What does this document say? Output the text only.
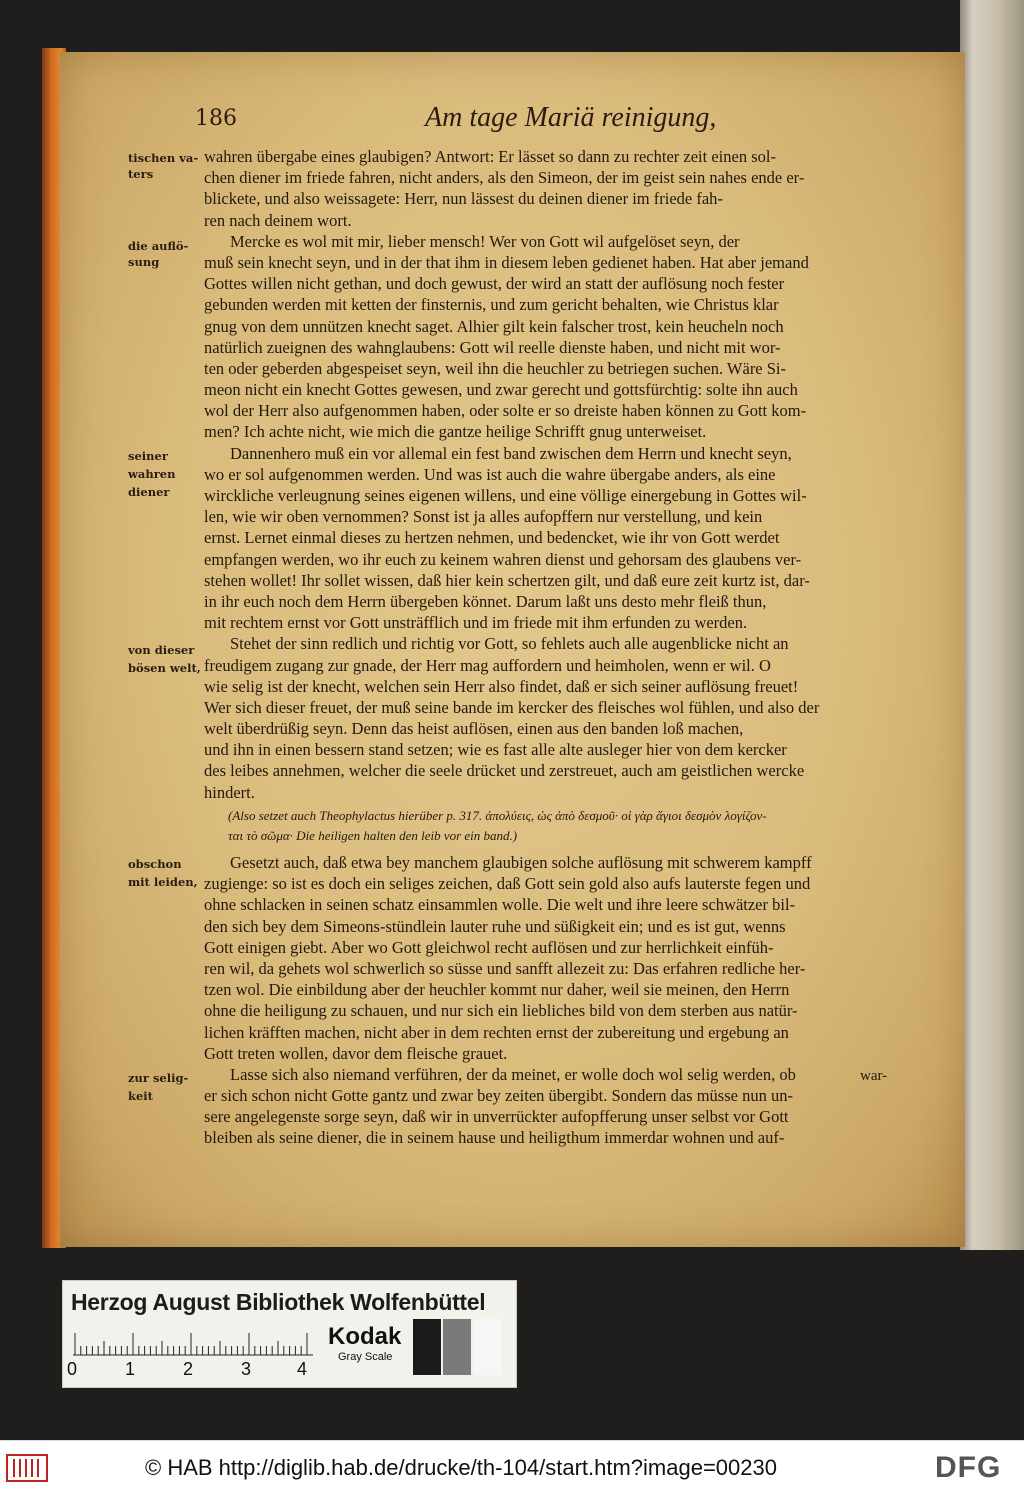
186	Am tage Mariä reinigung,
tischen va-
ters
die auflö-
sung
seiner
wahren
diener
von dieser
bösen welt,
obschon
mit leiden,
zur selig-
keit
wahren übergabe eines glaubigen? Antwort: Er lässet so dann zu rechter zeit einen sol-
chen diener im friede fahren, nicht anders, als den Simeon, der im geist sein nahes ende er-
blickete, und also weissagete: Herr, nun lässest du deinen diener im friede fah-
ren nach deinem wort.
Mercke es wol mit mir, lieber mensch! Wer von Gott wil aufgelöset seyn, der
muß sein knecht seyn, und in der that ihm in diesem leben gedienet haben. Hat aber jemand
Gottes willen nicht gethan, und doch gewust, der wird an statt der auflösung noch fester
gebunden werden mit ketten der finsternis, und zum gericht behalten, wie Christus klar
gnug von dem unnützen knecht saget. Alhier gilt kein falscher trost, kein heucheln noch
natürlich zueignen des wahnglaubens: Gott wil reelle dienste haben, und nicht mit wor-
ten oder geberden abgespeiset seyn, weil ihn die heuchler zu betriegen suchen. Wäre Si-
meon nicht ein knecht Gottes gewesen, und zwar gerecht und gottsfürchtig: solte ihn auch
wol der Herr also aufgenommen haben, oder solte er so dreiste haben können zu Gott kom-
men? Ich achte nicht, wie mich die gantze heilige Schrifft gnug unterweiset.
Dannenhero muß ein vor allemal ein fest band zwischen dem Herrn und knecht seyn,
wo er sol aufgenommen werden. Und was ist auch die wahre übergabe anders, als eine
wirckliche verleugnung seines eigenen willens, und eine völlige einergebung in Gottes wil-
len, wie wir oben vernommen? Sonst ist ja alles aufopffern nur verstellung, und kein
ernst. Lernet einmal dieses zu hertzen nehmen, und bedencket, wie ihr von Gott werdet
empfangen werden, wo ihr euch zu keinem wahren dienst und gehorsam des glaubens ver-
stehen wollet! Ihr sollet wissen, daß hier kein schertzen gilt, und daß eure zeit kurtz ist, dar-
in ihr euch noch dem Herrn übergeben könnet. Darum laßt uns desto mehr fleiß thun,
mit rechtem ernst vor Gott unsträfflich und im friede mit ihm erfunden zu werden.
Stehet der sinn redlich und richtig vor Gott, so fehlets auch alle augenblicke nicht an
freudigem zugang zur gnade, der Herr mag auffordern und heimholen, wenn er wil. O
wie selig ist der knecht, welchen sein Herr also findet, daß er sich seiner auflösung freuet!
Wer sich dieser freuet, der muß seine bande im kercker des fleisches wol fühlen, und also der
welt überdrüßig seyn. Denn das heist auflösen, einen aus den banden loß machen,
und ihn in einen bessern stand setzen; wie es fast alle alte ausleger hier von dem kercker
des leibes annehmen, welcher die seele drücket und zerstreuet, auch am geistlichen wercke
hindert.
(Also setzet auch Theophylactus hierüber p. 317. ἀπολύεις, ὡς ἀπὸ δεσμοῦ· οἱ γὰρ ἅγιοι δεσμὸν λογίζον-
ται τὸ σῶμα· Die heiligen halten den leib vor ein band.)
Gesetzt auch, daß etwa bey manchem glaubigen solche auflösung mit schwerem kampff
zugienge: so ist es doch ein seliges zeichen, daß Gott sein gold also aufs lauterste fegen und
ohne schlacken in seinen schatz einsammlen wolle. Die welt und ihre leere schwätzer bil-
den sich bey dem Simeons-stündlein lauter ruhe und süßigkeit ein; und es ist gut, wenns
Gott einigen giebt. Aber wo Gott gleichwol recht auflösen und zur herrlichkeit einfüh-
ren wil, da gehets wol schwerlich so süsse und sanfft allezeit zu: Das erfahren redliche her-
tzen wol. Die einbildung aber der heuchler kommt nur daher, weil sie meinen, den Herrn
ohne die heiligung zu schauen, und nur sich ein liebliches bild von dem sterben aus natür-
lichen kräfften machen, nicht aber in dem rechten ernst der zubereitung und ergebung an
Gott treten wollen, davor dem fleische grauet.
Lasse sich also niemand verführen, der da meinet, er wolle doch wol selig werden, ob
er sich schon nicht Gotte gantz und zwar bey zeiten übergibt. Sondern das müsse nun un-
sere angelegenste sorge seyn, daß wir in unverrückter aufopfferung unser selbst vor Gott
bleiben als seine diener, die in seinem hause und heiligthum immerdar wohnen und auf-
war-
Herzog August Bibliothek Wolfenbüttel
0	1	2	3	4
Kodak
Gray Scale
© HAB http://diglib.hab.de/drucke/th-104/start.htm?image=00230	DFG
